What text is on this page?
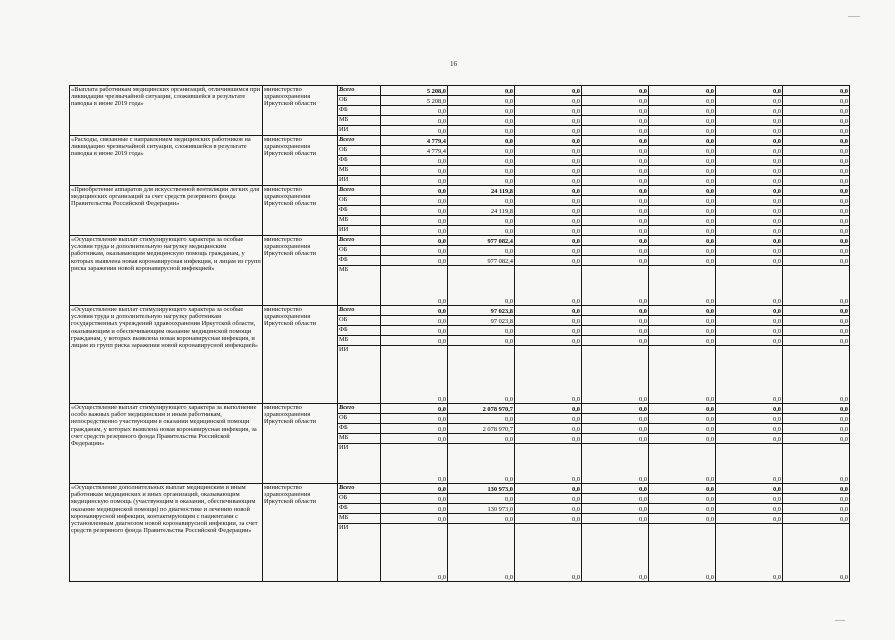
16
«Выплата работникам медицинских организаций, отличившимся при ликвидации чрезвычайной ситуации, сложившейся в результате паводка в июне 2019 года»	министерство здравоохранения Иркутской области	Всего	5 208,0	0,0	0,0	0,0	0,0	0,0	0,0
		ОБ	5 208,0	0,0	0,0	0,0	0,0	0,0	0,0
		ФБ	0,0	0,0	0,0	0,0	0,0	0,0	0,0
		МБ	0,0	0,0	0,0	0,0	0,0	0,0	0,0
		ИИ	0,0	0,0	0,0	0,0	0,0	0,0	0,0
«Расходы, связанные с направлением медицинских работников на ликвидацию чрезвычайной ситуации, сложившейся в результате паводка в июне 2019 года»	министерство здравоохранения Иркутской области	Всего	4 779,4	0,0	0,0	0,0	0,0	0,0	0,0
		ОБ	4 779,4	0,0	0,0	0,0	0,0	0,0	0,0
		ФБ	0,0	0,0	0,0	0,0	0,0	0,0	0,0
		МБ	0,0	0,0	0,0	0,0	0,0	0,0	0,0
		ИИ	0,0	0,0	0,0	0,0	0,0	0,0	0,0
«Приобретение аппаратов для искусственной вентиляции легких для медицинских организаций за счет средств резервного фонда Правительства Российской Федерации»	министерство здравоохранения Иркутской области	Всего	0,0	24 119,8	0,0	0,0	0,0	0,0	0,0
		ОБ	0,0	0,0	0,0	0,0	0,0	0,0	0,0
		ФБ	0,0	24 119,8	0,0	0,0	0,0	0,0	0,0
		МБ	0,0	0,0	0,0	0,0	0,0	0,0	0,0
		ИИ	0,0	0,0	0,0	0,0	0,0	0,0	0,0
«Осуществление выплат стимулирующего характера за особые условия труда и дополнительную нагрузку медицинским работникам, оказывающим медицинскую помощь гражданам, у которых выявлена новая коронавирусная инфекция, и лицам из групп риска заражения новой коронавирусной инфекцией»	министерство здравоохранения Иркутской области	Всего	0,0	977 082,4	0,0	0,0	0,0	0,0	0,0
		ОБ	0,0	0,0	0,0	0,0	0,0	0,0	0,0
		ФБ	0,0	977 082,4	0,0	0,0	0,0	0,0	0,0
		МБ	0,0	0,0	0,0	0,0	0,0	0,0	0,0
«Осуществление выплат стимулирующего характера за особые условия труда и дополнительную нагрузку работникам государственных учреждений здравоохранения Иркутской области, оказывающим и обеспечивающим оказание медицинской помощи гражданам, у которых выявлена новая коронавирусная инфекция, и лицам из групп риска заражения новой коронавирусной инфекцией»	министерство здравоохранения Иркутской области	Всего	0,0	97 023,8	0,0	0,0	0,0	0,0	0,0
		ОБ	0,0	97 023,8	0,0	0,0	0,0	0,0	0,0
		ФБ	0,0	0,0	0,0	0,0	0,0	0,0	0,0
		МБ	0,0	0,0	0,0	0,0	0,0	0,0	0,0
		ИИ	0,0	0,0	0,0	0,0	0,0	0,0	0,0
«Осуществление выплат стимулирующего характера за выполнение особо важных работ медицинским и иным работникам, непосредственно участвующим в оказании медицинской помощи гражданам, у которых выявлена новая коронавирусная инфекция, за счет средств резервного фонда Правительства Российской Федерации»	министерство здравоохранения Иркутской области	Всего	0,0	2 078 970,7	0,0	0,0	0,0	0,0	0,0
		ОБ	0,0	0,0	0,0	0,0	0,0	0,0	0,0
		ФБ	0,0	2 078 970,7	0,0	0,0	0,0	0,0	0,0
		МБ	0,0	0,0	0,0	0,0	0,0	0,0	0,0
		ИИ	0,0	0,0	0,0	0,0	0,0	0,0	0,0
«Осуществление дополнительных выплат медицинским и иным работникам медицинских и иных организаций, оказывающим медицинскую помощь (участвующим в оказании, обеспечивающим оказание медицинской помощи) по диагностике и лечению новой коронавирусной инфекции, контактирующим с пациентами с установленным диагнозом новой коронавирусной инфекции, за счет средств резервного фонда Правительства Российской Федерации»	министерство здравоохранения Иркутской области	Всего	0,0	130 973,0	0,0	0,0	0,0	0,0	0,0
		ОБ	0,0	0,0	0,0	0,0	0,0	0,0	0,0
		ФБ	0,0	130 973,0	0,0	0,0	0,0	0,0	0,0
		МБ	0,0	0,0	0,0	0,0	0,0	0,0	0,0
		ИИ	0,0	0,0	0,0	0,0	0,0	0,0	0,0
